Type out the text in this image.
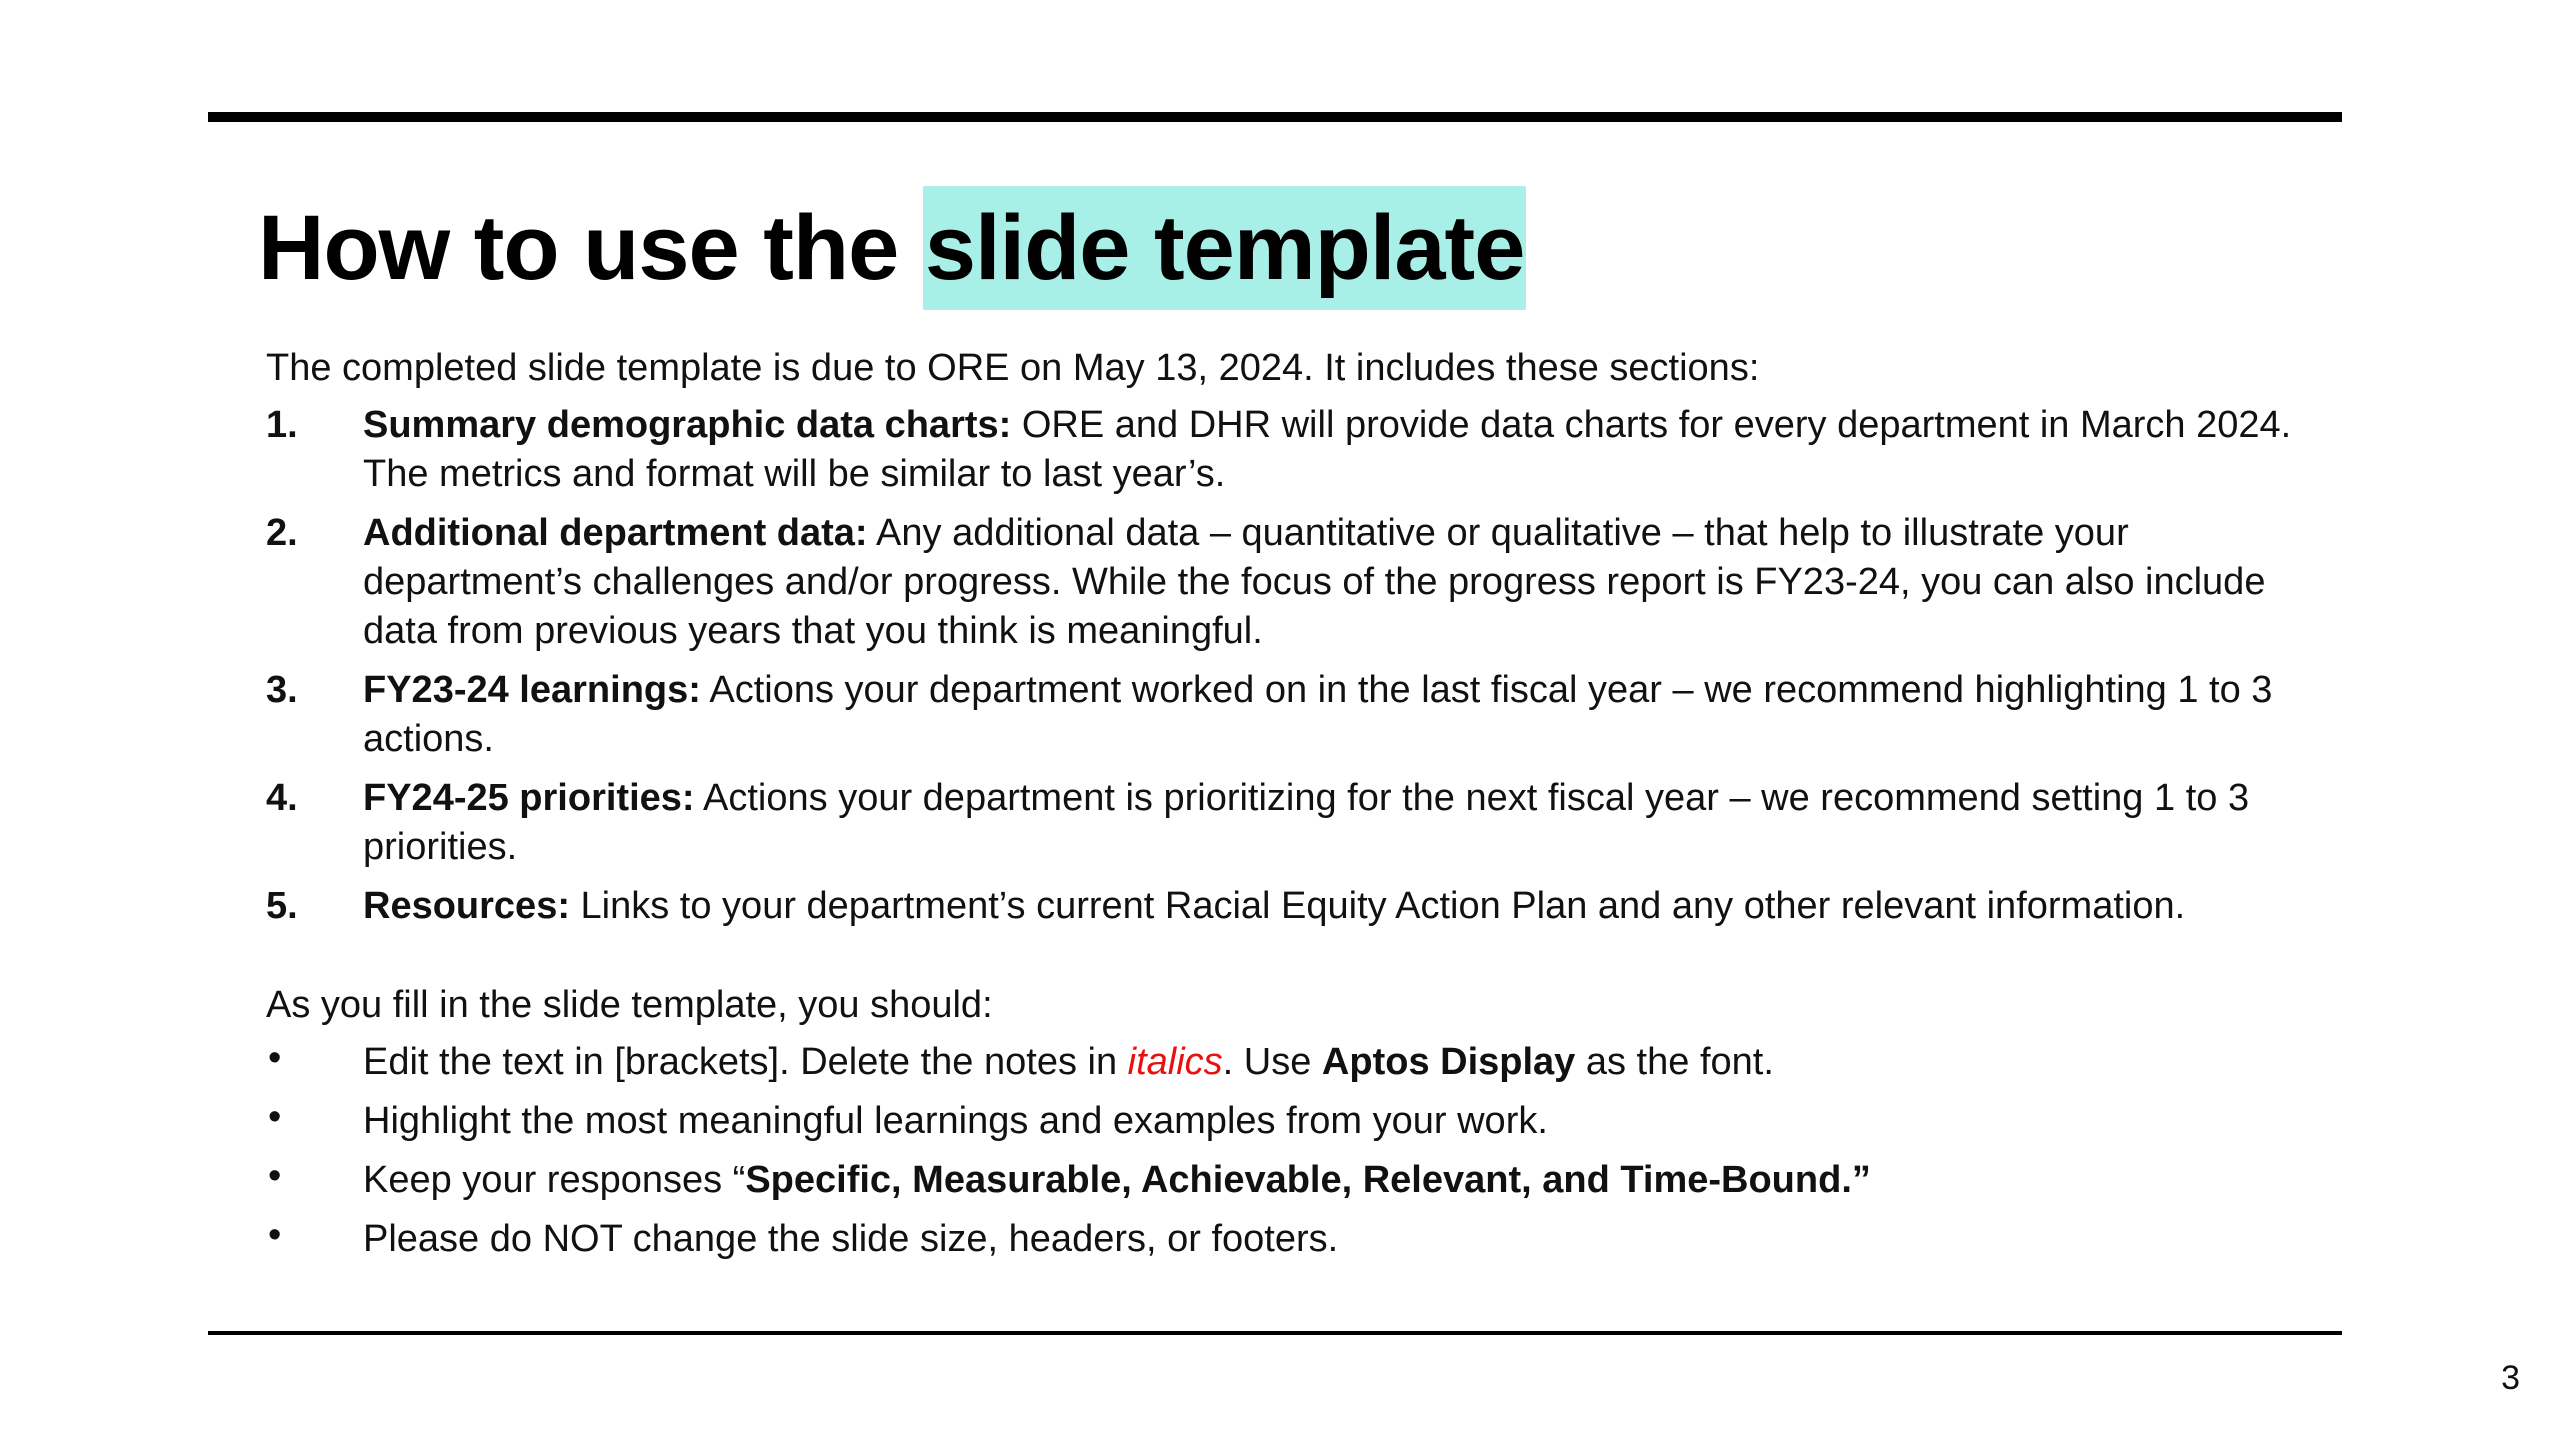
How to use the slide template

The completed slide template is due to ORE on May 13, 2024. It includes these sections:

1. Summary demographic data charts: ORE and DHR will provide data charts for every department in March 2024. The metrics and format will be similar to last year’s.
2. Additional department data: Any additional data – quantitative or qualitative – that help to illustrate your department’s challenges and/or progress. While the focus of the progress report is FY23-24, you can also include data from previous years that you think is meaningful.
3. FY23-24 learnings: Actions your department worked on in the last fiscal year – we recommend highlighting 1 to 3 actions.
4. FY24-25 priorities: Actions your department is prioritizing for the next fiscal year – we recommend setting 1 to 3 priorities.
5. Resources: Links to your department’s current Racial Equity Action Plan and any other relevant information.

As you fill in the slide template, you should:

• Edit the text in [brackets]. Delete the notes in italics. Use Aptos Display as the font.
• Highlight the most meaningful learnings and examples from your work.
• Keep your responses “Specific, Measurable, Achievable, Relevant, and Time-Bound.”
• Please do NOT change the slide size, headers, or footers.
3
